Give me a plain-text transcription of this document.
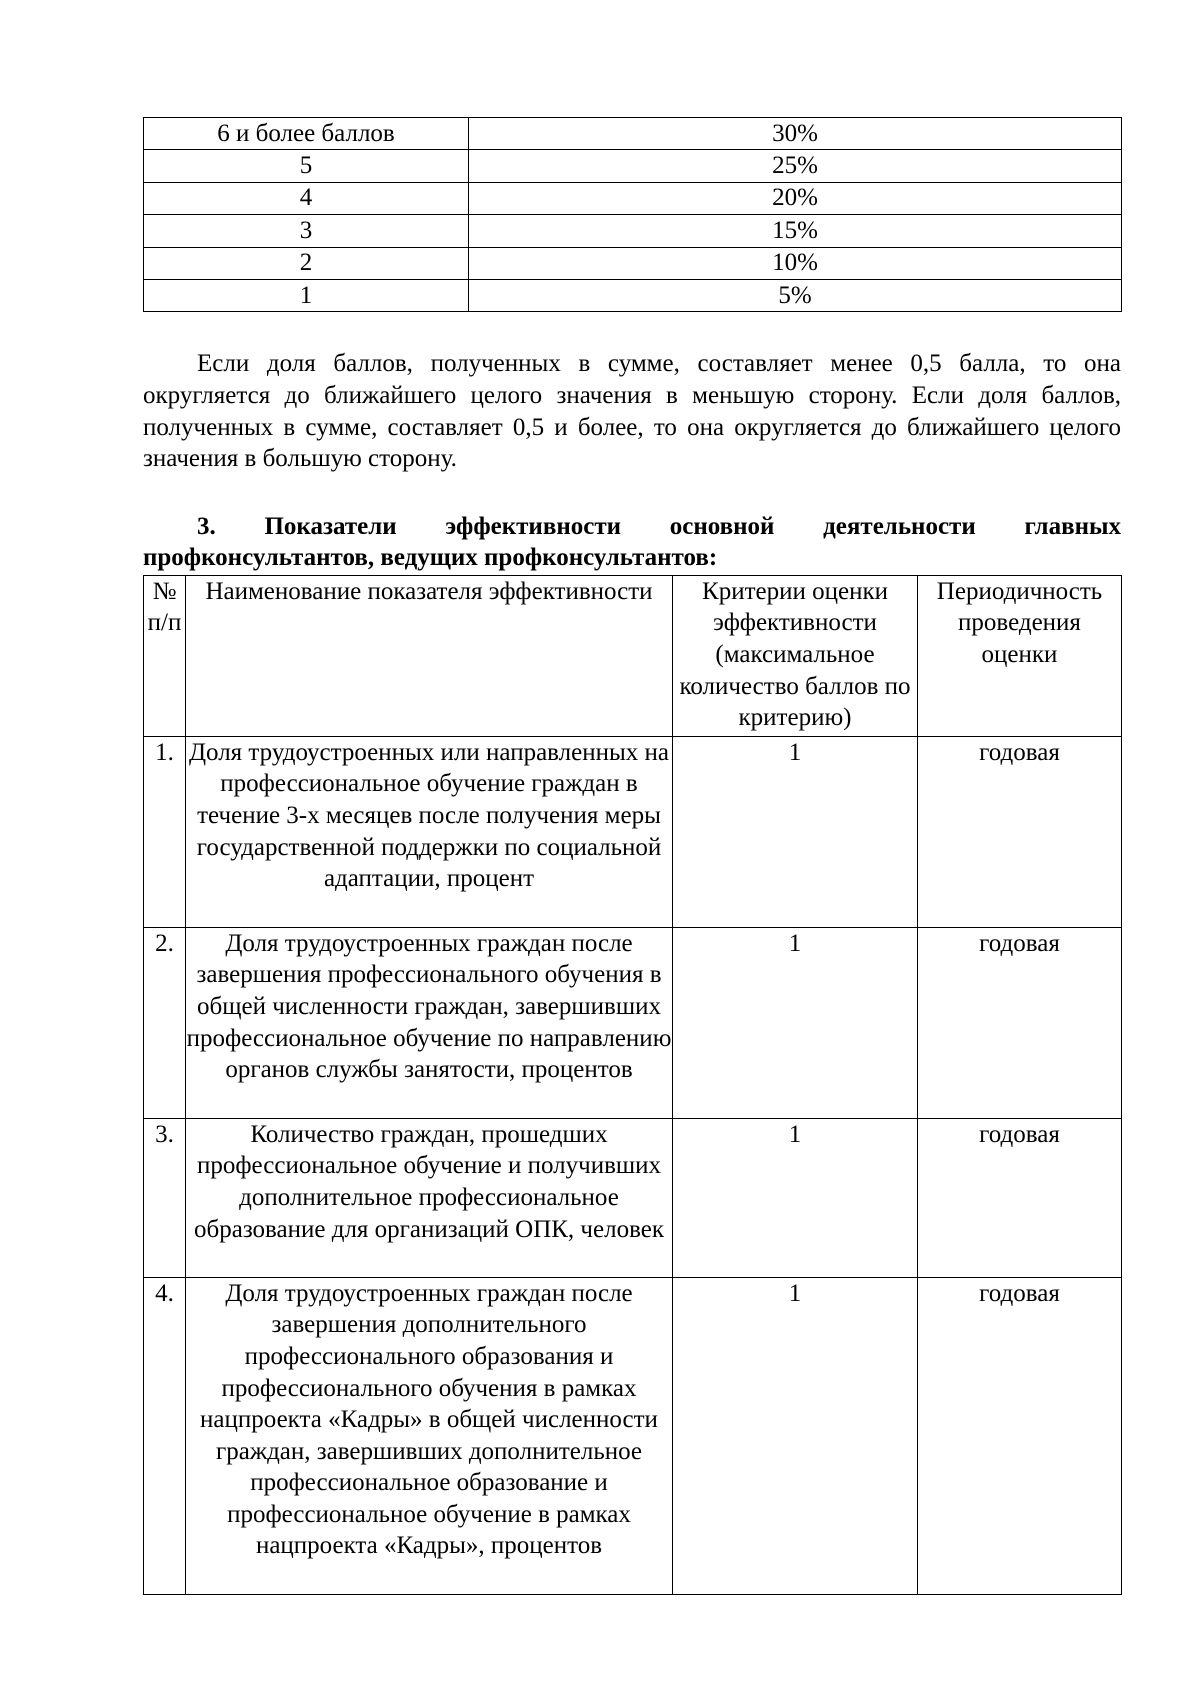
6 и более баллов	30%
5	25%
4	20%
3	15%
2	10%
1	5%

Если доля баллов, полученных в сумме, составляет менее 0,5 балла, то она округляется до ближайшего целого значения в меньшую сторону. Если доля баллов, полученных в сумме, составляет 0,5 и более, то она округляется до ближайшего целого значения в большую сторону.

3. Показатели эффективности основной деятельности главных профконсультантов, ведущих профконсультантов:

№ п/п	Наименование показателя эффективности	Критерии оценки эффективности (максимальное количество баллов по критерию)	Периодичность проведения оценки
1.	Доля трудоустроенных или направленных на профессиональное обучение граждан в течение 3-х месяцев после получения меры государственной поддержки по социальной адаптации, процент	1	годовая
2.	Доля трудоустроенных граждан после завершения профессионального обучения в общей численности граждан, завершивших профессиональное обучение по направлению органов службы занятости, процентов	1	годовая
3.	Количество граждан, прошедших профессиональное обучение и получивших дополнительное профессиональное образование для организаций ОПК, человек	1	годовая
4.	Доля трудоустроенных граждан после завершения дополнительного профессионального образования и профессионального обучения в рамках нацпроекта «Кадры» в общей численности граждан, завершивших дополнительное профессиональное образование и профессиональное обучение в рамках нацпроекта «Кадры», процентов	1	годовая
